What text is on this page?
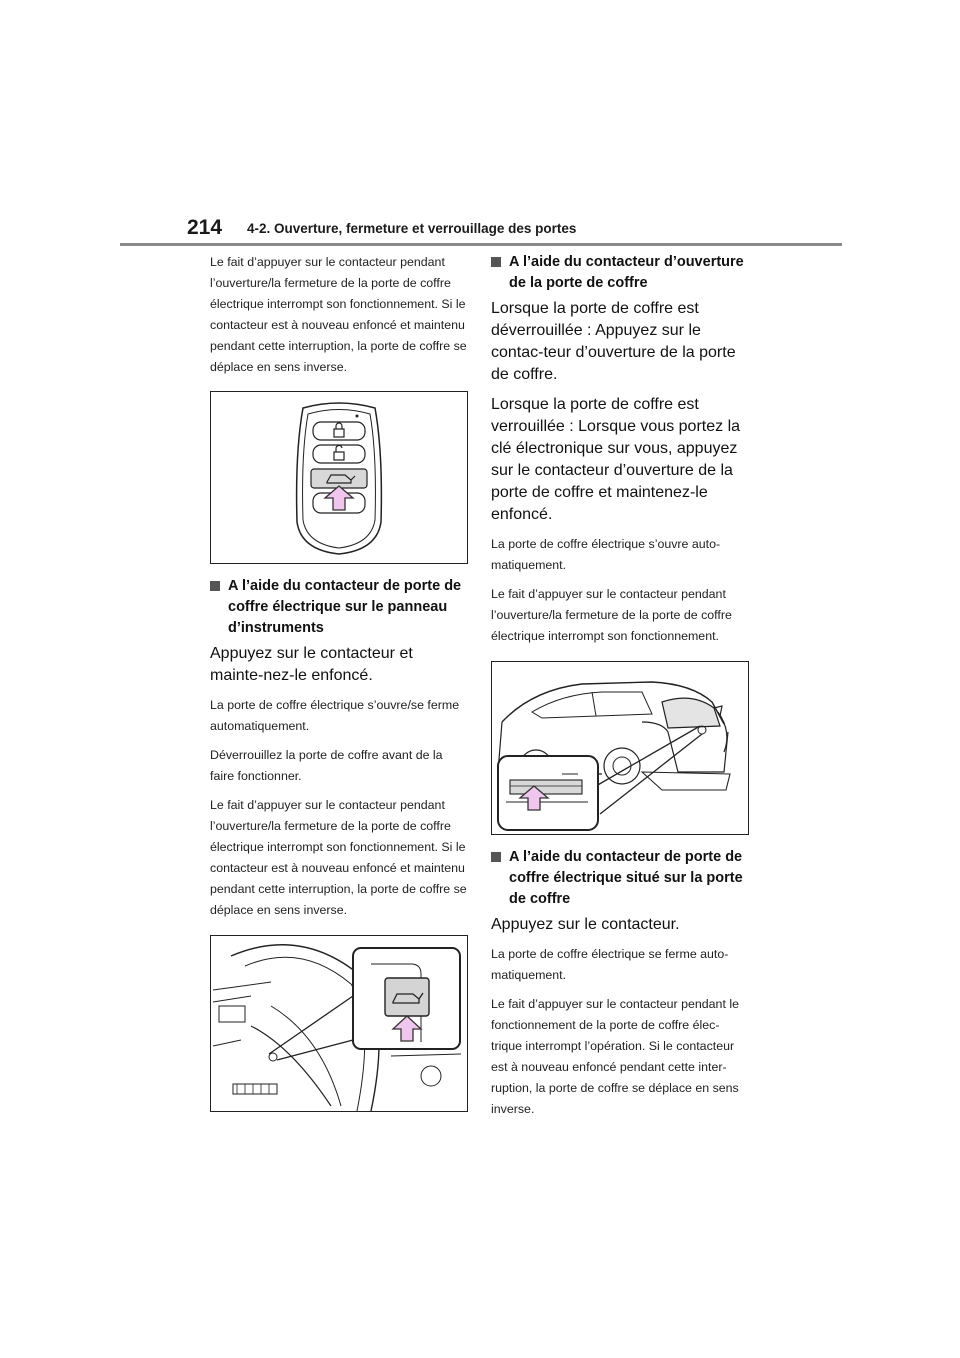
214 4-2. Ouverture, fermeture et verrouillage des portes

Le fait d’appuyer sur le contacteur pendant l’ouverture/la fermeture de la porte de coffre électrique interrompt son fonctionnement. Si le contacteur est à nouveau enfoncé et maintenu pendant cette interruption, la porte de coffre se déplace en sens inverse.

A l’aide du contacteur de porte de coffre électrique sur le panneau d’instruments

Appuyez sur le contacteur et mainte-nez-le enfoncé.

La porte de coffre électrique s’ouvre/se ferme automatiquement.

Déverrouillez la porte de coffre avant de la faire fonctionner.

Le fait d’appuyer sur le contacteur pendant l’ouverture/la fermeture de la porte de coffre électrique interrompt son fonctionnement. Si le contacteur est à nouveau enfoncé et maintenu pendant cette interruption, la porte de coffre se déplace en sens inverse.

A l’aide du contacteur d’ouverture de la porte de coffre

Lorsque la porte de coffre est déverrouillée : Appuyez sur le contac-teur d’ouverture de la porte de coffre.

Lorsque la porte de coffre est verrouillée : Lorsque vous portez la clé électronique sur vous, appuyez sur le contacteur d’ouverture de la porte de coffre et maintenez-le enfoncé.

La porte de coffre électrique s’ouvre auto-matiquement.

Le fait d’appuyer sur le contacteur pendant l’ouverture/la fermeture de la porte de coffre électrique interrompt son fonctionnement.

A l’aide du contacteur de porte de coffre électrique situé sur la porte de coffre

Appuyez sur le contacteur.

La porte de coffre électrique se ferme auto-matiquement.

Le fait d’appuyer sur le contacteur pendant le fonctionnement de la porte de coffre élec-trique interrompt l’opération. Si le contacteur est à nouveau enfoncé pendant cette inter-ruption, la porte de coffre se déplace en sens inverse.
